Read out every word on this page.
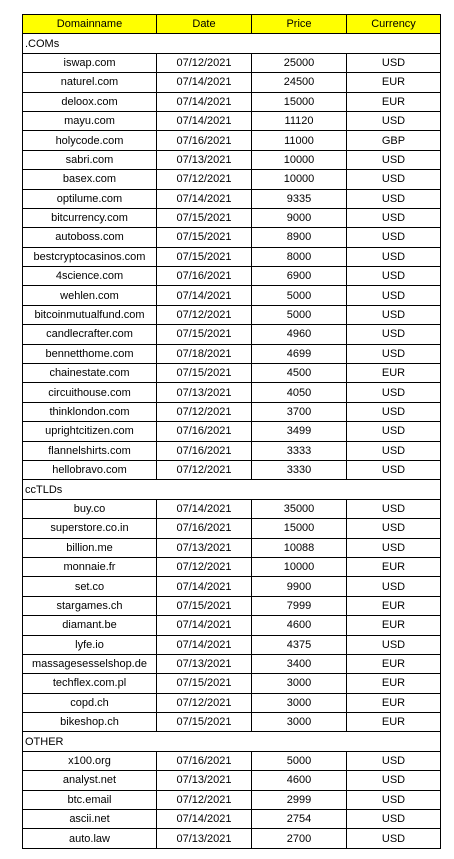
Domainname	Date	Price	Currency
.COMs			
iswap.com	07/12/2021	25000	USD
naturel.com	07/14/2021	24500	EUR
deloox.com	07/14/2021	15000	EUR
mayu.com	07/14/2021	11120	USD
holycode.com	07/16/2021	11000	GBP
sabri.com	07/13/2021	10000	USD
basex.com	07/12/2021	10000	USD
optilume.com	07/14/2021	9335	USD
bitcurrency.com	07/15/2021	9000	USD
autoboss.com	07/15/2021	8900	USD
bestcryptocasinos.com	07/15/2021	8000	USD
4science.com	07/16/2021	6900	USD
wehlen.com	07/14/2021	5000	USD
bitcoinmutualfund.com	07/12/2021	5000	USD
candlecrafter.com	07/15/2021	4960	USD
bennetthome.com	07/18/2021	4699	USD
chainestate.com	07/15/2021	4500	EUR
circuithouse.com	07/13/2021	4050	USD
thinklondon.com	07/12/2021	3700	USD
uprightcitizen.com	07/16/2021	3499	USD
flannelshirts.com	07/16/2021	3333	USD
hellobravo.com	07/12/2021	3330	USD
ccTLDs			
buy.co	07/14/2021	35000	USD
superstore.co.in	07/16/2021	15000	USD
billion.me	07/13/2021	10088	USD
monnaie.fr	07/12/2021	10000	EUR
set.co	07/14/2021	9900	USD
stargames.ch	07/15/2021	7999	EUR
diamant.be	07/14/2021	4600	EUR
lyfe.io	07/14/2021	4375	USD
massagesesselshop.de	07/13/2021	3400	EUR
techflex.com.pl	07/15/2021	3000	EUR
copd.ch	07/12/2021	3000	EUR
bikeshop.ch	07/15/2021	3000	EUR
OTHER			
x100.org	07/16/2021	5000	USD
analyst.net	07/13/2021	4600	USD
btc.email	07/12/2021	2999	USD
ascii.net	07/14/2021	2754	USD
auto.law	07/13/2021	2700	USD
